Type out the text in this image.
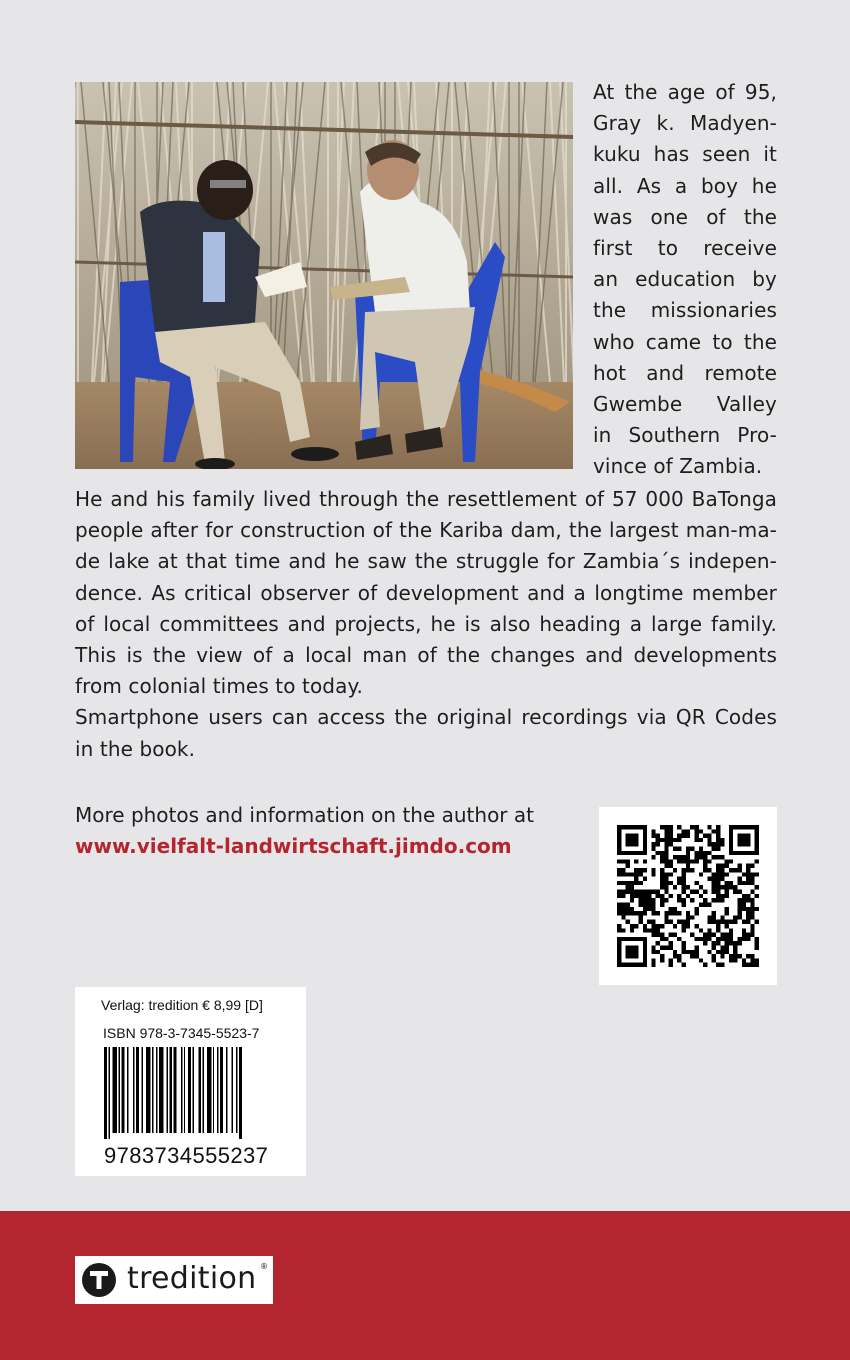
At the age of 95,
Gray k. Madyen-
kuku has seen it
all. As a boy he
was one of the
first to receive
an education by
the missionaries
who came to the
hot and remote
Gwembe Valley
in Southern Pro-
vince of Zambia.
He and his family lived through the resettlement of 57 000 BaTonga
people after for construction of the Kariba dam, the largest man-ma-
de lake at that time and he saw the struggle for Zambia´s indepen-
dence. As critical observer of development and a longtime member
of local committees and projects, he is also heading a large family.
This is the view of a local man of the changes and developments
from colonial times to today.
Smartphone users can access the original recordings via QR Codes
in the book.
More photos and information on the author at
www.vielfalt-landwirtschaft.jimdo.com
Verlag: tredition € 8,99 [D]
ISBN 978-3-7345-5523-7
9783734555237
tredition ®
